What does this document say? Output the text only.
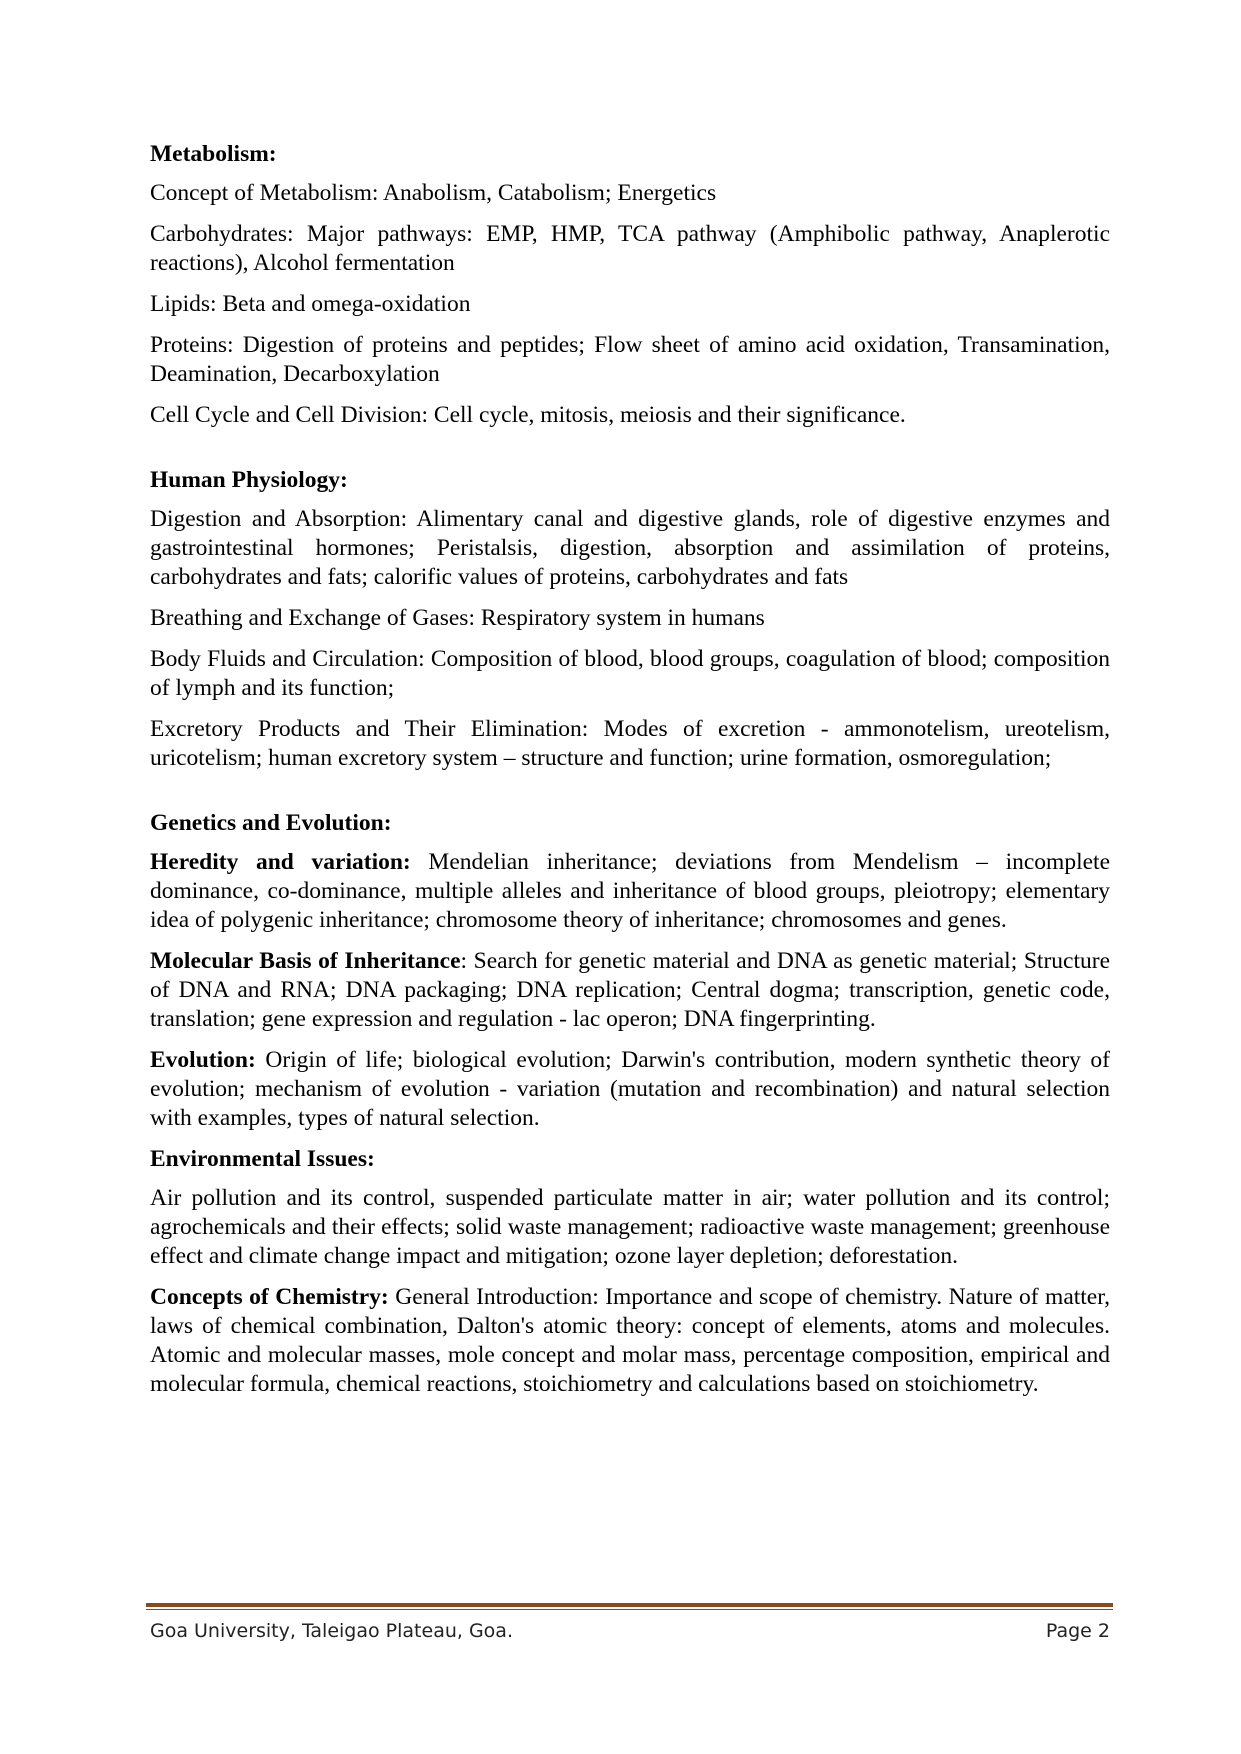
Metabolism:

Concept of Metabolism: Anabolism, Catabolism; Energetics

Carbohydrates: Major pathways: EMP, HMP, TCA pathway (Amphibolic pathway, Anaplerotic reactions), Alcohol fermentation

Lipids: Beta and omega-oxidation

Proteins: Digestion of proteins and peptides; Flow sheet of amino acid oxidation, Transamination, Deamination, Decarboxylation

Cell Cycle and Cell Division: Cell cycle, mitosis, meiosis and their significance.

Human Physiology:

Digestion and Absorption: Alimentary canal and digestive glands, role of digestive enzymes and gastrointestinal hormones; Peristalsis, digestion, absorption and assimilation of proteins, carbohydrates and fats; calorific values of proteins, carbohydrates and fats

Breathing and Exchange of Gases: Respiratory system in humans

Body Fluids and Circulation: Composition of blood, blood groups, coagulation of blood; composition of lymph and its function;

Excretory Products and Their Elimination: Modes of excretion - ammonotelism, ureotelism, uricotelism; human excretory system – structure and function; urine formation, osmoregulation;

Genetics and Evolution:

Heredity and variation: Mendelian inheritance; deviations from Mendelism – incomplete dominance, co-dominance, multiple alleles and inheritance of blood groups, pleiotropy; elementary idea of polygenic inheritance; chromosome theory of inheritance; chromosomes and genes.

Molecular Basis of Inheritance: Search for genetic material and DNA as genetic material; Structure of DNA and RNA; DNA packaging; DNA replication; Central dogma; transcription, genetic code, translation; gene expression and regulation - lac operon; DNA fingerprinting.

Evolution: Origin of life; biological evolution; Darwin's contribution, modern synthetic theory of evolution; mechanism of evolution - variation (mutation and recombination) and natural selection with examples, types of natural selection.

Environmental Issues:

Air pollution and its control, suspended particulate matter in air; water pollution and its control; agrochemicals and their effects; solid waste management; radioactive waste management; greenhouse effect and climate change impact and mitigation; ozone layer depletion; deforestation.

Concepts of Chemistry: General Introduction: Importance and scope of chemistry. Nature of matter, laws of chemical combination, Dalton's atomic theory: concept of elements, atoms and molecules. Atomic and molecular masses, mole concept and molar mass, percentage composition, empirical and molecular formula, chemical reactions, stoichiometry and calculations based on stoichiometry.

Goa University, Taleigao Plateau, Goa.	Page 2
